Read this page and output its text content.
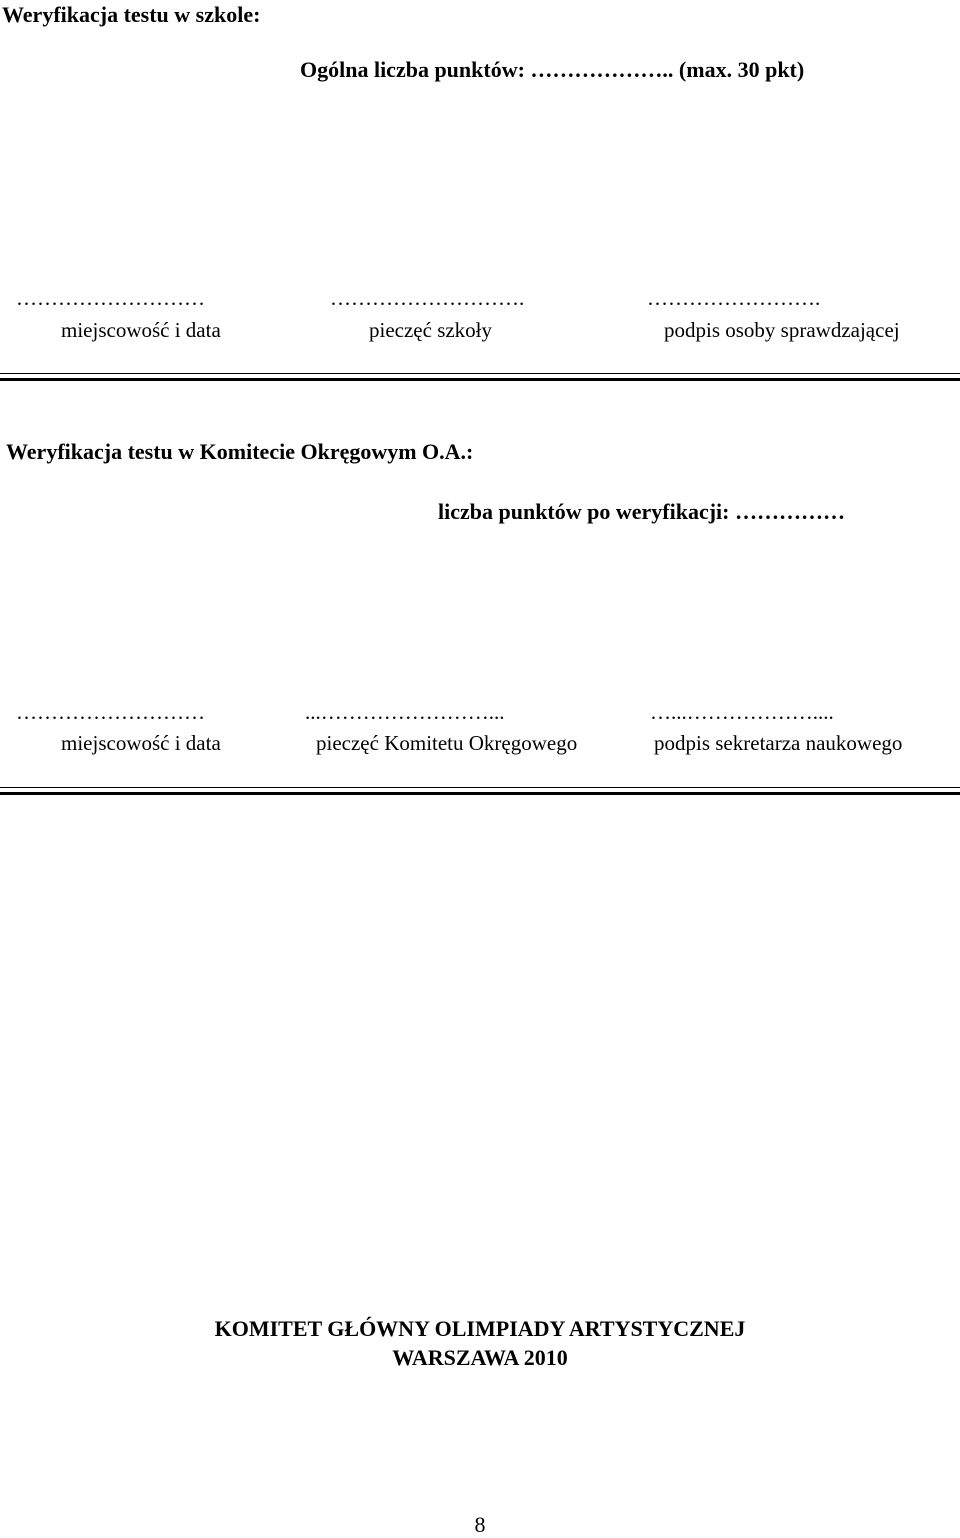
Weryfikacja testu w szkole:
Ogólna liczba punktów: ……………….. (max. 30 pkt)
………………………	……………………….	…………………….
miejscowość i data	pieczęć szkoły	podpis osoby sprawdzającej
Weryfikacja testu w Komitecie Okręgowym O.A.:
liczba punktów po weryfikacji: ……………
………………………	...……………………...	…...………………....
miejscowość i data	pieczęć Komitetu Okręgowego	podpis sekretarza naukowego
KOMITET GŁÓWNY OLIMPIADY ARTYSTYCZNEJ
WARSZAWA 2010
8
